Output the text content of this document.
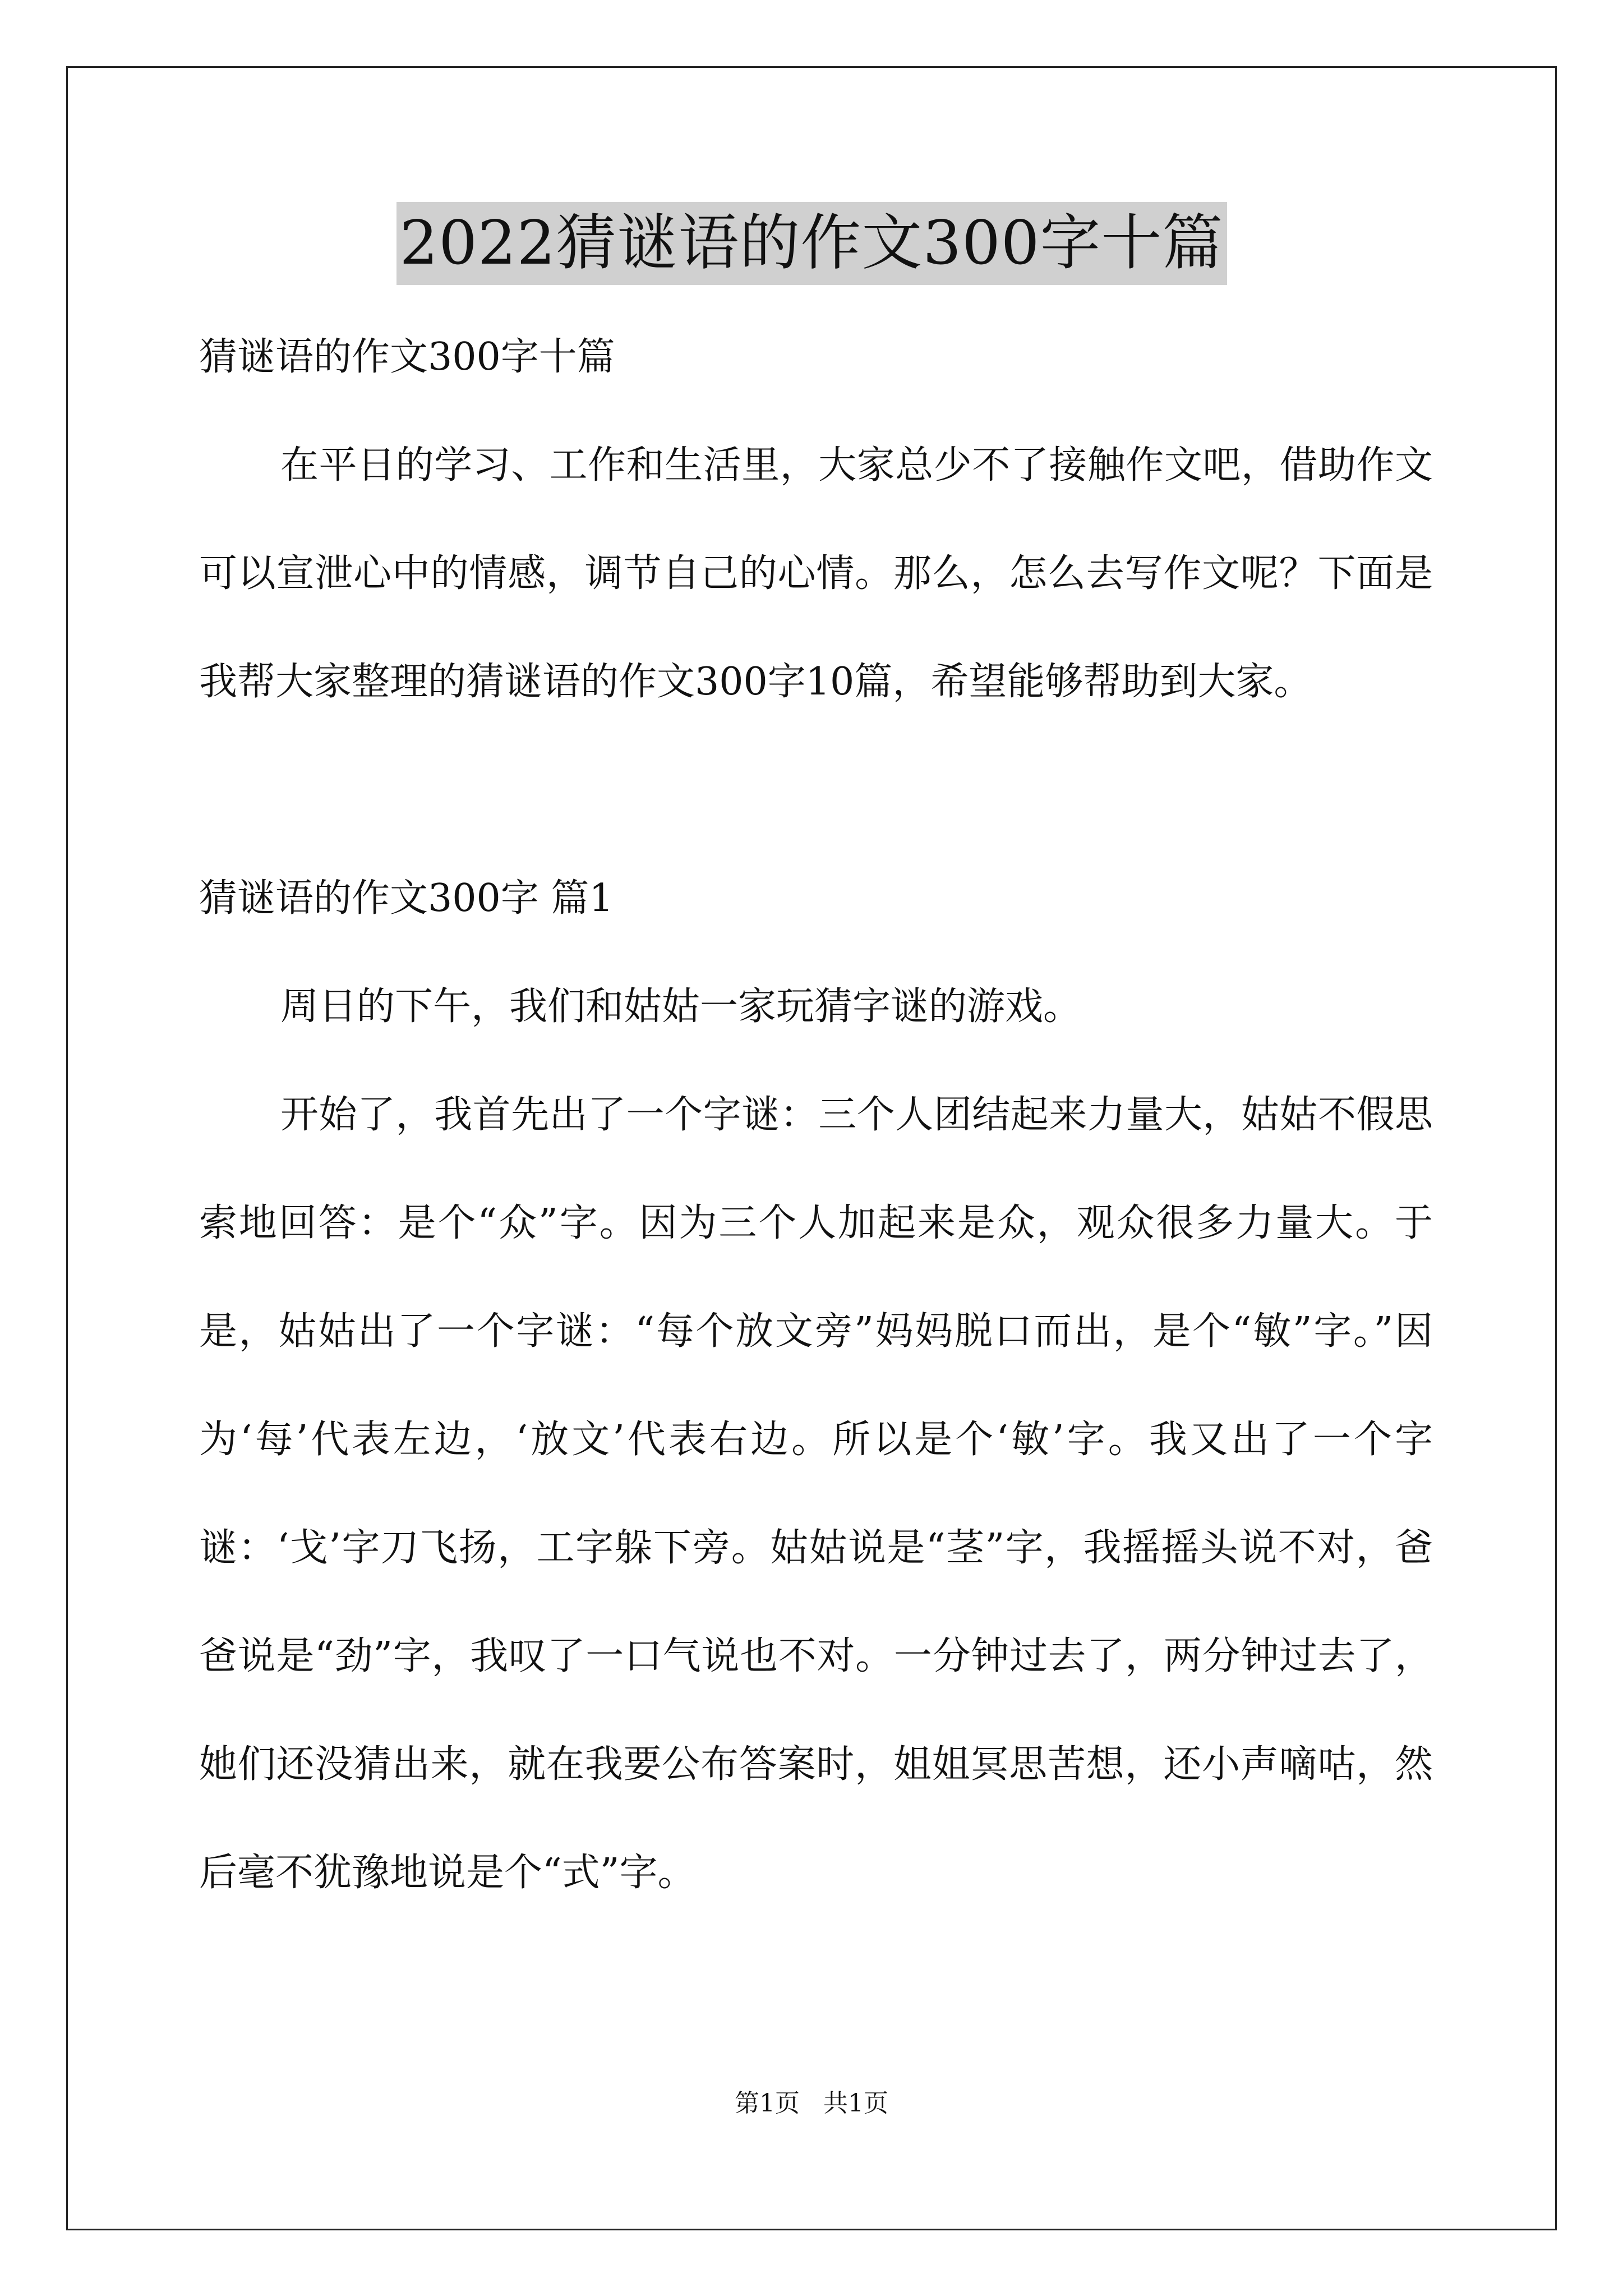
2022猜谜语的作文300字十篇

猜谜语的作文300字十篇

在平日的学习、工作和生活里，大家总少不了接触作文吧，借助作文可以宣泄心中的情感，调节自己的心情。那么，怎么去写作文呢？下面是我帮大家整理的猜谜语的作文300字10篇，希望能够帮助到大家。

猜谜语的作文300字 篇1

周日的下午，我们和姑姑一家玩猜字谜的游戏。

开始了，我首先出了一个字谜：三个人团结起来力量大，姑姑不假思索地回答：是个“众”字。因为三个人加起来是众，观众很多力量大。于是，姑姑出了一个字谜：“每个放文旁”妈妈脱口而出，是个“敏”字。”因为‘每’代表左边，‘放文’代表右边。所以是个‘敏’字。我又出了一个字谜：‘戈’字刀飞扬，工字躲下旁。姑姑说是“茎”字，我摇摇头说不对，爸爸说是“劲”字，我叹了一口气说也不对。一分钟过去了，两分钟过去了，她们还没猜出来，就在我要公布答案时，姐姐冥思苦想，还小声嘀咕，然后毫不犹豫地说是个“式”字。

第1页 共1页
